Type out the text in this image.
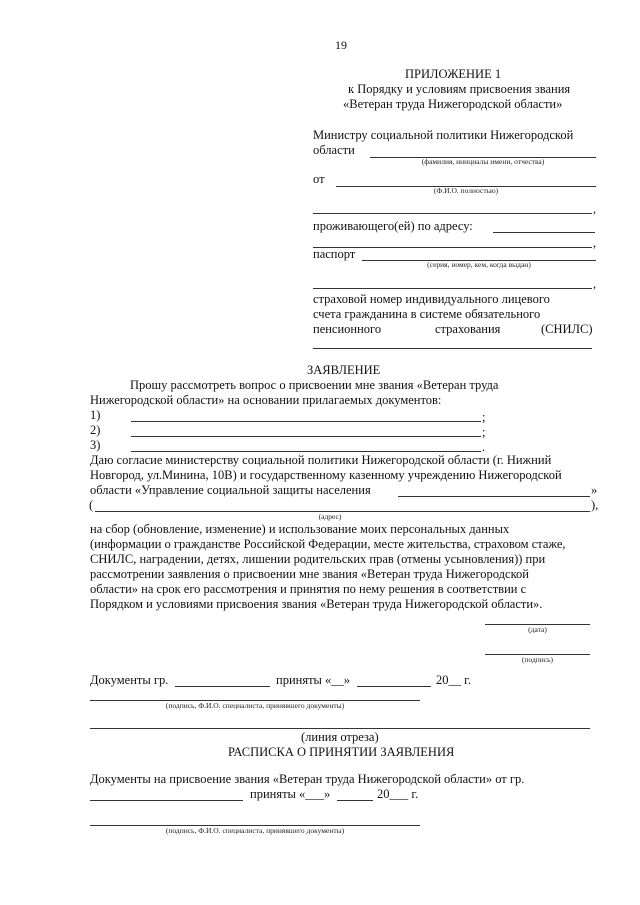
19
ПРИЛОЖЕНИЕ 1
к Порядку и условиям присвоения звания
«Ветеран труда Нижегородской области»
Министру социальной политики Нижегородской
области
(фамилия, инициалы имени, отчества)
от
(Ф.И.О. полностью)
,
проживающего(ей) по адресу:
,
паспорт
(серия, номер, кем, когда выдан)
,
страховой номер индивидуального лицевого
счета гражданина в системе обязательного
пенсионного	страхования	(СНИЛС)
ЗАЯВЛЕНИЕ
Прошу рассмотреть вопрос о присвоении мне звания «Ветеран труда
Нижегородской области» на основании прилагаемых документов:
1)	;
2)	;
3)	.
Даю согласие министерству социальной политики Нижегородской области (г. Нижний
Новгород, ул.Минина, 10В) и государственному казенному учреждению Нижегородской
области «Управление социальной защиты населения	»
(	),
(адрес)
на сбор (обновление, изменение) и использование моих персональных данных
(информации о гражданстве Российской Федерации, месте жительства, страховом стаже,
СНИЛС, наградении, детях, лишении родительских прав (отмены усыновления)) при
рассмотрении заявления о присвоении мне звания «Ветеран труда Нижегородской
области» на срок его рассмотрения и принятия по нему решения в соответствии с
Порядком и условиями присвоения звания «Ветеран труда Нижегородской области».
(дата)
(подпись)
Документы гр.	приняты «__»	20__ г.
(подпись, Ф.И.О. специалиста, принявшего документы)
(линия отреза)
РАСПИСКА О ПРИНЯТИИ ЗАЯВЛЕНИЯ
Документы на присвоение звания «Ветеран труда Нижегородской области» от гр.
приняты «___»	20___ г.
(подпись, Ф.И.О. специалиста, принявшего документы)
